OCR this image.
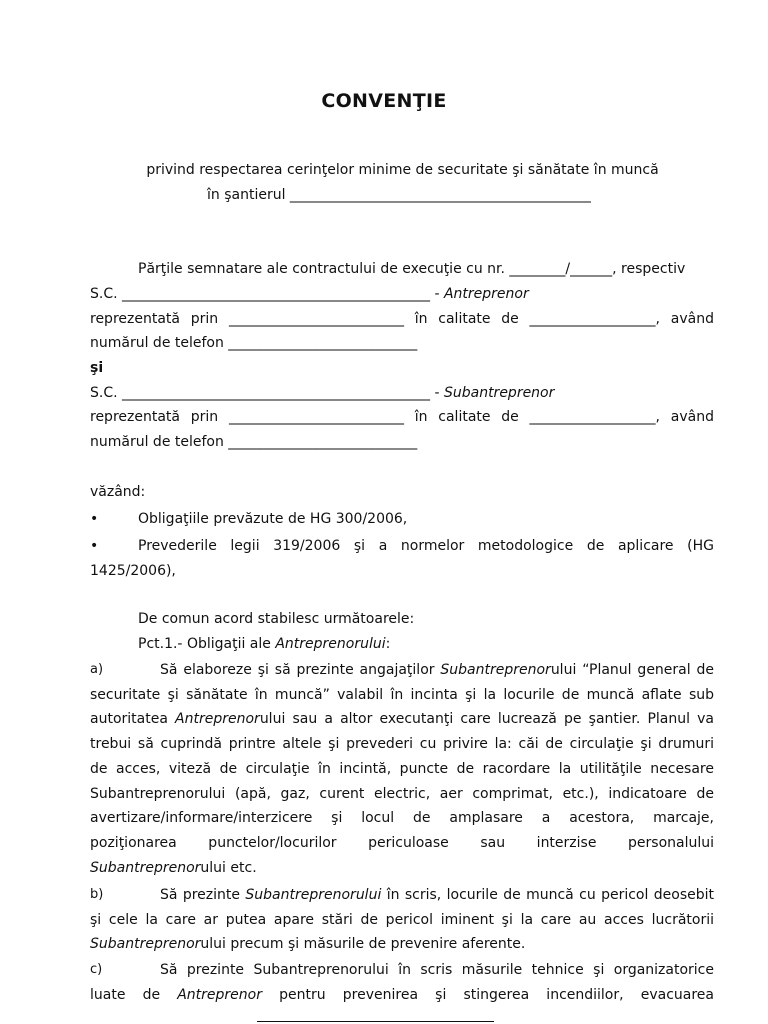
CONVENŢIE
privind respectarea cerinţelor minime de securitate şi sănătate în muncă
în şantierul ___________________________________________
Părţile semnatare ale contractului de execuţie cu nr. ________/______, respectiv
S.C. ____________________________________________ - Antreprenor
reprezentată prin _________________________ în calitate de __________________, având
numărul de telefon ___________________________
şi
S.C. ____________________________________________ - Subantreprenor
reprezentată prin _________________________ în calitate de __________________, având
numărul de telefon ___________________________
văzând:
•	Obligaţiile prevăzute de HG 300/2006,
•	Prevederile legii 319/2006 şi a normelor metodologice de aplicare (HG
1425/2006),
De comun acord stabilesc următoarele:
Pct.1.- Obligaţii ale Antreprenorului:
a)	Să elaboreze şi să prezinte angajaţilor Subantreprenorului “Planul general de
securitate şi sănătate în muncă” valabil în incinta şi la locurile de muncă aflate sub
autoritatea Antreprenorului sau a altor executanţi care lucrează pe şantier. Planul va
trebui să cuprindă printre altele şi prevederi cu privire la: căi de circulaţie şi drumuri
de acces, viteză de circulaţie în incintă, puncte de racordare la utilităţile necesare
Subantreprenorului (apă, gaz, curent electric, aer comprimat, etc.), indicatoare de
avertizare/informare/interzicere şi locul de amplasare a acestora, marcaje,
poziţionarea punctelor/locurilor periculoase sau interzise personalului
Subantreprenorului etc.
b)	Să prezinte Subantreprenorului în scris, locurile de muncă cu pericol deosebit
şi cele la care ar putea apare stări de pericol iminent şi la care au acces lucrătorii
Subantreprenorului precum şi măsurile de prevenire aferente.
c)	Să prezinte Subantreprenorului în scris măsurile tehnice şi organizatorice
luate de Antreprenor pentru prevenirea şi stingerea incendiilor, evacuarea
